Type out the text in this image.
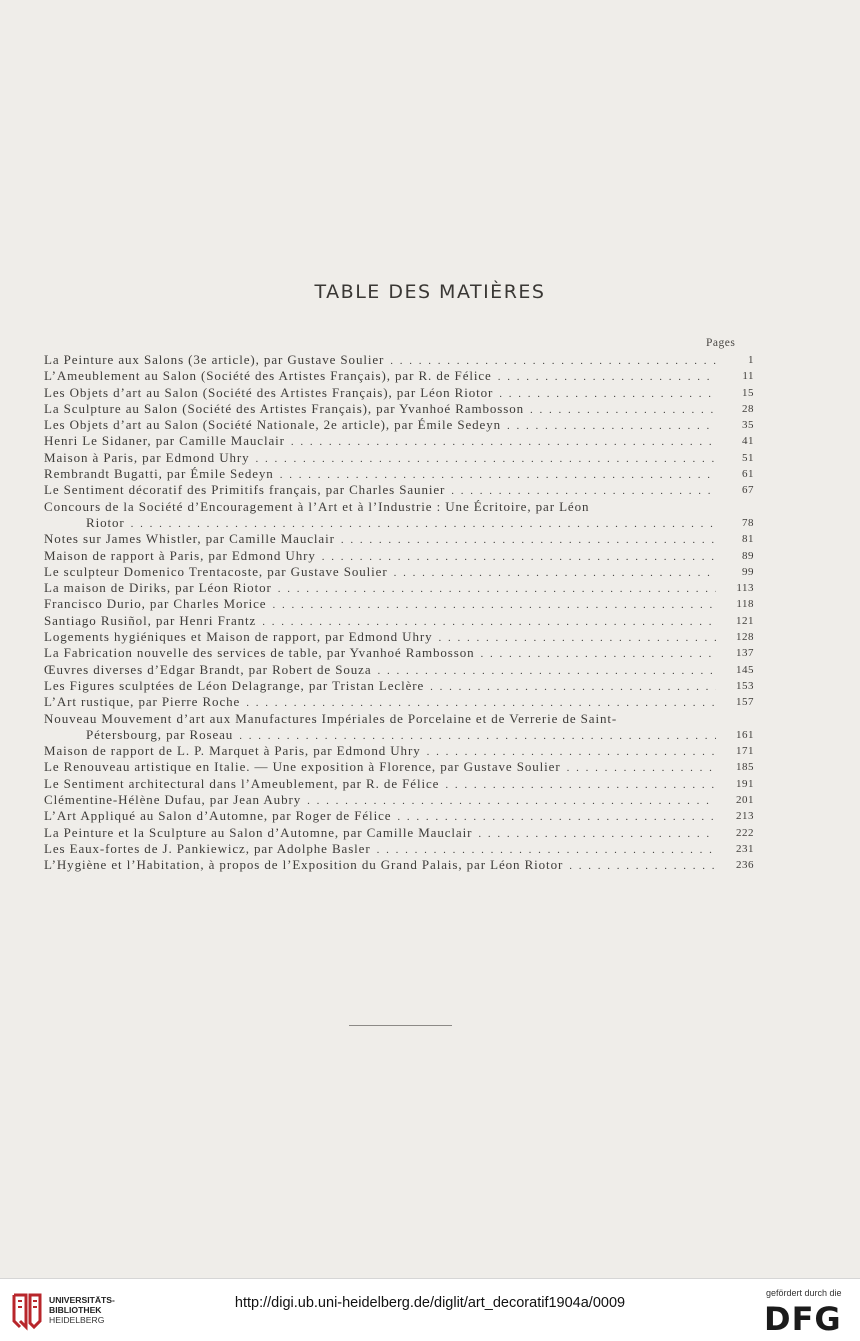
TABLE DES MATIÈRES
Pages
La Peinture aux Salons (3e article), par Gustave Soulier . . .	1
L’Ameublement au Salon (Société des Artistes Français), par R. de Félice . . .	11
Les Objets d’art au Salon (Société des Artistes Français), par Léon Riotor . . .	15
La Sculpture au Salon (Société des Artistes Français), par Yvanhoé Rambosson . . .	28
Les Objets d’art au Salon (Société Nationale, 2e article), par Émile Sedeyn . . .	35
Henri Le Sidaner, par Camille Mauclair . . .	41
Maison à Paris, par Edmond Uhry . . .	51
Rembrandt Bugatti, par Émile Sedeyn . . .	61
Le Sentiment décoratif des Primitifs français, par Charles Saunier . . .	67
Concours de la Société d’Encouragement à l’Art et à l’Industrie : Une Écritoire, par Léon
Riotor . . .	78
Notes sur James Whistler, par Camille Mauclair . . .	81
Maison de rapport à Paris, par Edmond Uhry . . .	89
Le sculpteur Domenico Trentacoste, par Gustave Soulier . . .	99
La maison de Diriks, par Léon Riotor . . .	113
Francisco Durio, par Charles Morice . . .	118
Santiago Rusiñol, par Henri Frantz . . .	121
Logements hygiéniques et Maison de rapport, par Edmond Uhry . . .	128
La Fabrication nouvelle des services de table, par Yvanhoé Rambosson . . .	137
Œuvres diverses d’Edgar Brandt, par Robert de Souza . . .	145
Les Figures sculptées de Léon Delagrange, par Tristan Leclère . . .	153
L’Art rustique, par Pierre Roche . . .	157
Nouveau Mouvement d’art aux Manufactures Impériales de Porcelaine et de Verrerie de Saint-
Pétersbourg, par Roseau . . .	161
Maison de rapport de L. P. Marquet à Paris, par Edmond Uhry . . .	171
Le Renouveau artistique en Italie. — Une exposition à Florence, par Gustave Soulier . . .	185
Le Sentiment architectural dans l’Ameublement, par R. de Félice . . .	191
Clémentine-Hélène Dufau, par Jean Aubry . . .	201
L’Art Appliqué au Salon d’Automne, par Roger de Félice . . .	213
La Peinture et la Sculpture au Salon d’Automne, par Camille Mauclair . . .	222
Les Eaux-fortes de J. Pankiewicz, par Adolphe Basler . . .	231
L’Hygiène et l’Habitation, à propos de l’Exposition du Grand Palais, par Léon Riotor . . .	236
UNIVERSITÄTS-
BIBLIOTHEK
HEIDELBERG
http://digi.ub.uni-heidelberg.de/diglit/art_decoratif1904a/0009
gefördert durch die
DFG
